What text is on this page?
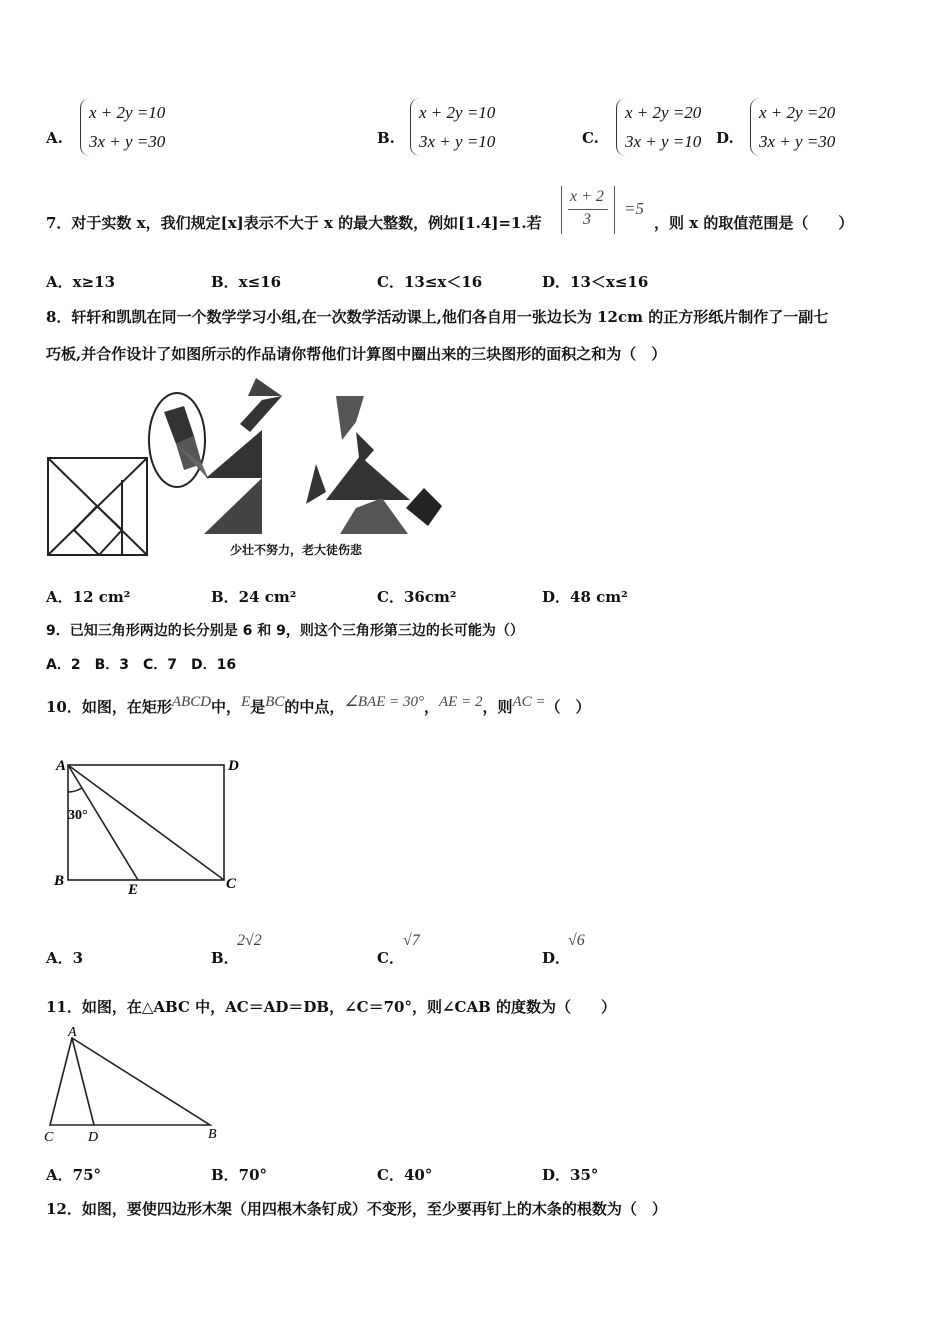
A.
x + 2y =10
3x + y =30	B.
x + 2y =10
3x + y =10	C.
x + 2y =20
3x + y =10 D.
x + 2y =20
3x + y =30
7．对于实数 x，我们规定[x]表示不大于 x 的最大整数，例如[1.4]=1.若
x + 2
3
=5
，则 x 的取值范围是（　　）
A．x≥13	B．x≤16	C．13≤x＜16	D．13＜x≤16
8．轩轩和凯凯在同一个数学学习小组,在一次数学活动课上,他们各自用一张边长为 12cm 的正方形纸片制作了一副七
巧板,并合作设计了如图所示的作品请你帮他们计算图中圈出来的三块图形的面积之和为（　）
少壮不努力，老大徒伤悲
A．12 cm²	B．24 cm²	C．36cm²	D．48 cm²
9．已知三角形两边的长分别是 6 和 9，则这个三角形第三边的长可能为（）
A．2　B．3　C．7　D．16
10．如图，在矩形ABCD中，E是BC的中点，∠BAE = 30°，AE = 2，则AC =（　）
A	D
B	C
E
30°
A．3	B．
2√2
C．
√7
D．
√6
11．如图，在△ABC 中，AC＝AD＝DB，∠C＝70°，则∠CAB 的度数为（　　）
A
C D	B
A．75°	B．70°	C．40°	D．35°
12．如图，要使四边形木架（用四根木条钉成）不变形，至少要再钉上的木条的根数为（　）
